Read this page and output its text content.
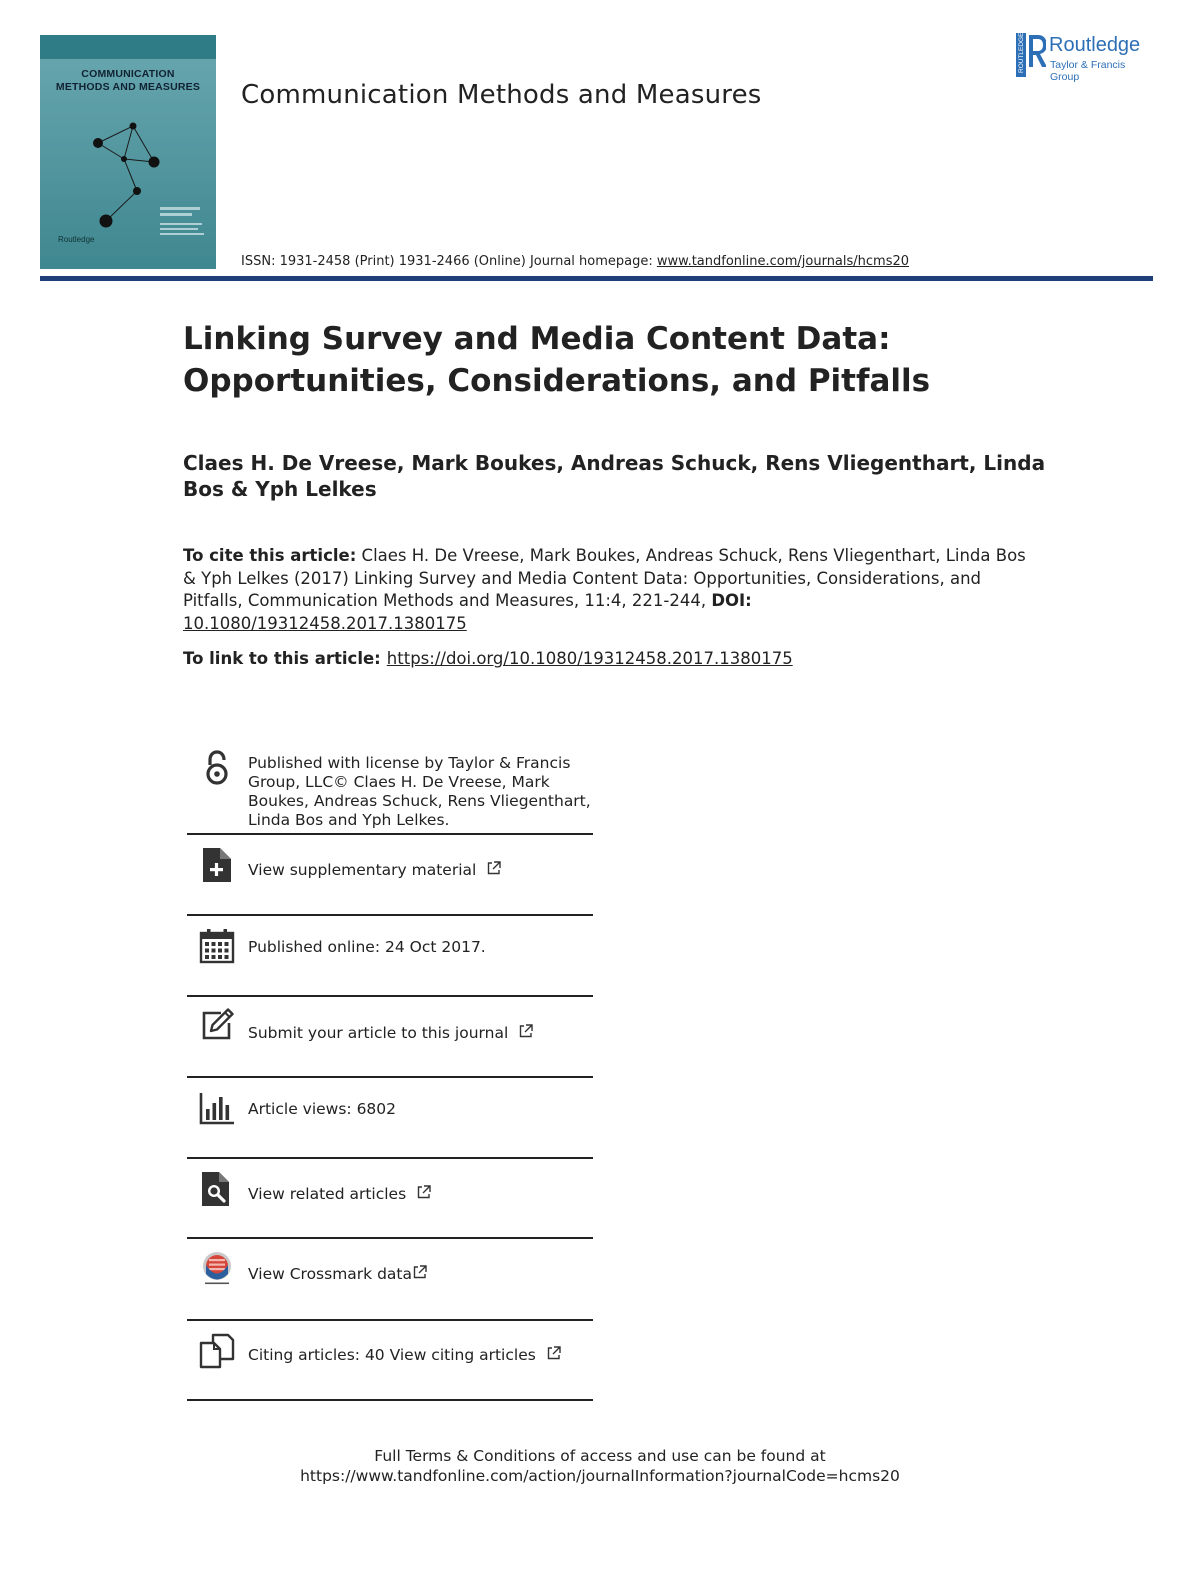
COMMUNICATION
METHODS AND MEASURES
Routledge
Communication Methods and Measures
ISSN: 1931-2458 (Print) 1931-2466 (Online) Journal homepage: www.tandfonline.com/journals/hcms20
ROUTLEDGE Routledge
Taylor & Francis Group
Linking Survey and Media Content Data:
Opportunities, Considerations, and Pitfalls
Claes H. De Vreese, Mark Boukes, Andreas Schuck, Rens Vliegenthart, Linda
Bos & Yph Lelkes
To cite this article: Claes H. De Vreese, Mark Boukes, Andreas Schuck, Rens Vliegenthart, Linda Bos & Yph Lelkes (2017) Linking Survey and Media Content Data: Opportunities, Considerations, and Pitfalls, Communication Methods and Measures, 11:4, 221-244, DOI:
10.1080/19312458.2017.1380175
To link to this article: https://doi.org/10.1080/19312458.2017.1380175
Published with license by Taylor & Francis
Group, LLC© Claes H. De Vreese, Mark
Boukes, Andreas Schuck, Rens Vliegenthart,
Linda Bos and Yph Lelkes.
View supplementary material
Published online: 24 Oct 2017.
Submit your article to this journal
Article views: 6802
View related articles
View Crossmark data
Citing articles: 40 View citing articles
Full Terms & Conditions of access and use can be found at
https://www.tandfonline.com/action/journalInformation?journalCode=hcms20
